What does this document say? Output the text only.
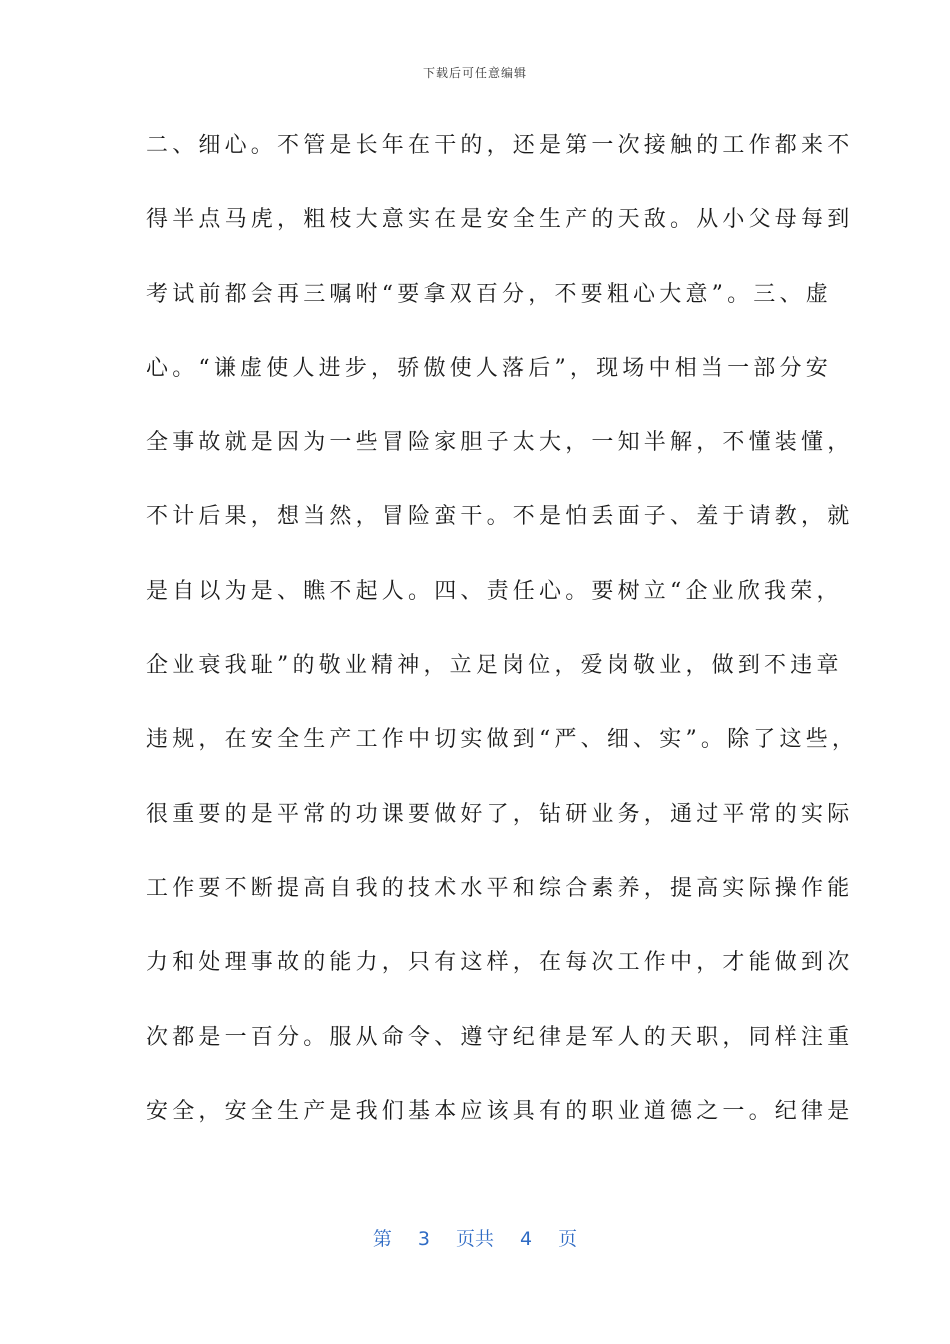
下载后可任意编辑
二、细心。不管是长年在干的，还是第一次接触的工作都来不
得半点马虎，粗枝大意实在是安全生产的天敌。从小父母每到
考试前都会再三嘱咐“要拿双百分，不要粗心大意”。三、虚
心。“谦虚使人进步，骄傲使人落后”，现场中相当一部分安
全事故就是因为一些冒险家胆子太大，一知半解，不懂装懂，
不计后果，想当然，冒险蛮干。不是怕丢面子、羞于请教，就
是自以为是、瞧不起人。四、责任心。要树立“企业欣我荣，
企业衰我耻”的敬业精神，立足岗位，爱岗敬业，做到不违章
违规，在安全生产工作中切实做到“严、细、实”。除了这些，
很重要的是平常的功课要做好了，钻研业务，通过平常的实际
工作要不断提高自我的技术水平和综合素养，提高实际操作能
力和处理事故的能力，只有这样，在每次工作中，才能做到次
次都是一百分。服从命令、遵守纪律是军人的天职，同样注重
安全，安全生产是我们基本应该具有的职业道德之一。纪律是
第 3 页共 4 页
